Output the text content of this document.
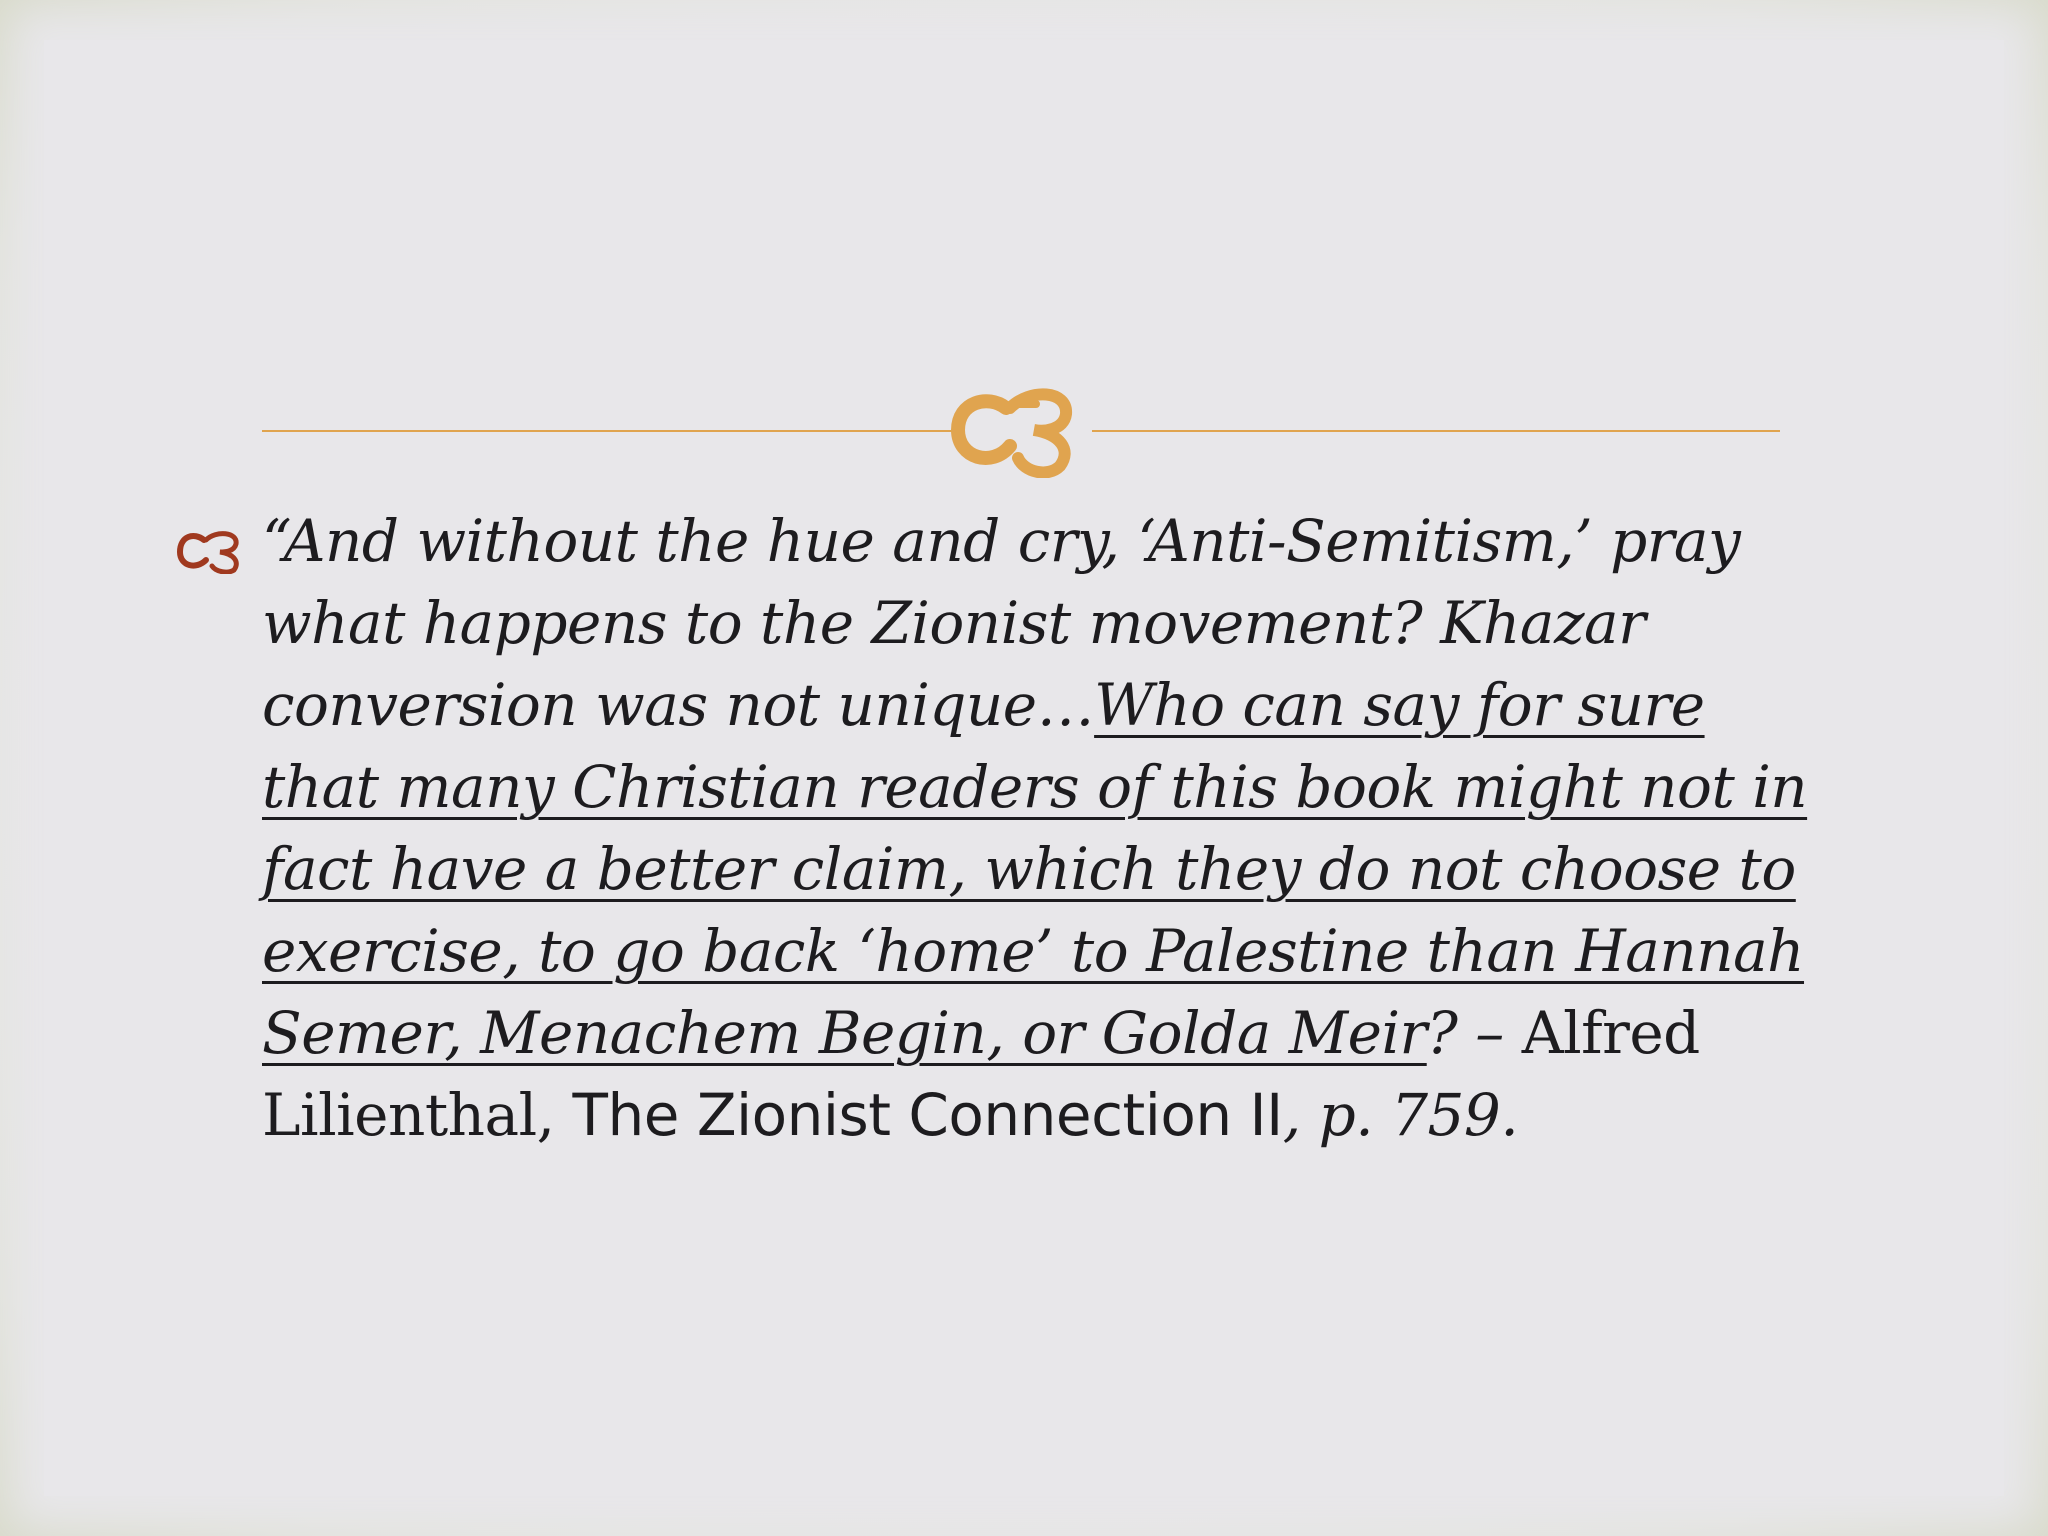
“And without the hue and cry, ‘Anti-Semitism,’ pray what happens to the Zionist movement? Khazar conversion was not unique…Who can say for sure that many Christian readers of this book might not in fact have a better claim, which they do not choose to exercise, to go back ‘home’ to Palestine than Hannah Semer, Menachem Begin, or Golda Meir? – Alfred Lilienthal, The Zionist Connection II, p. 759.
